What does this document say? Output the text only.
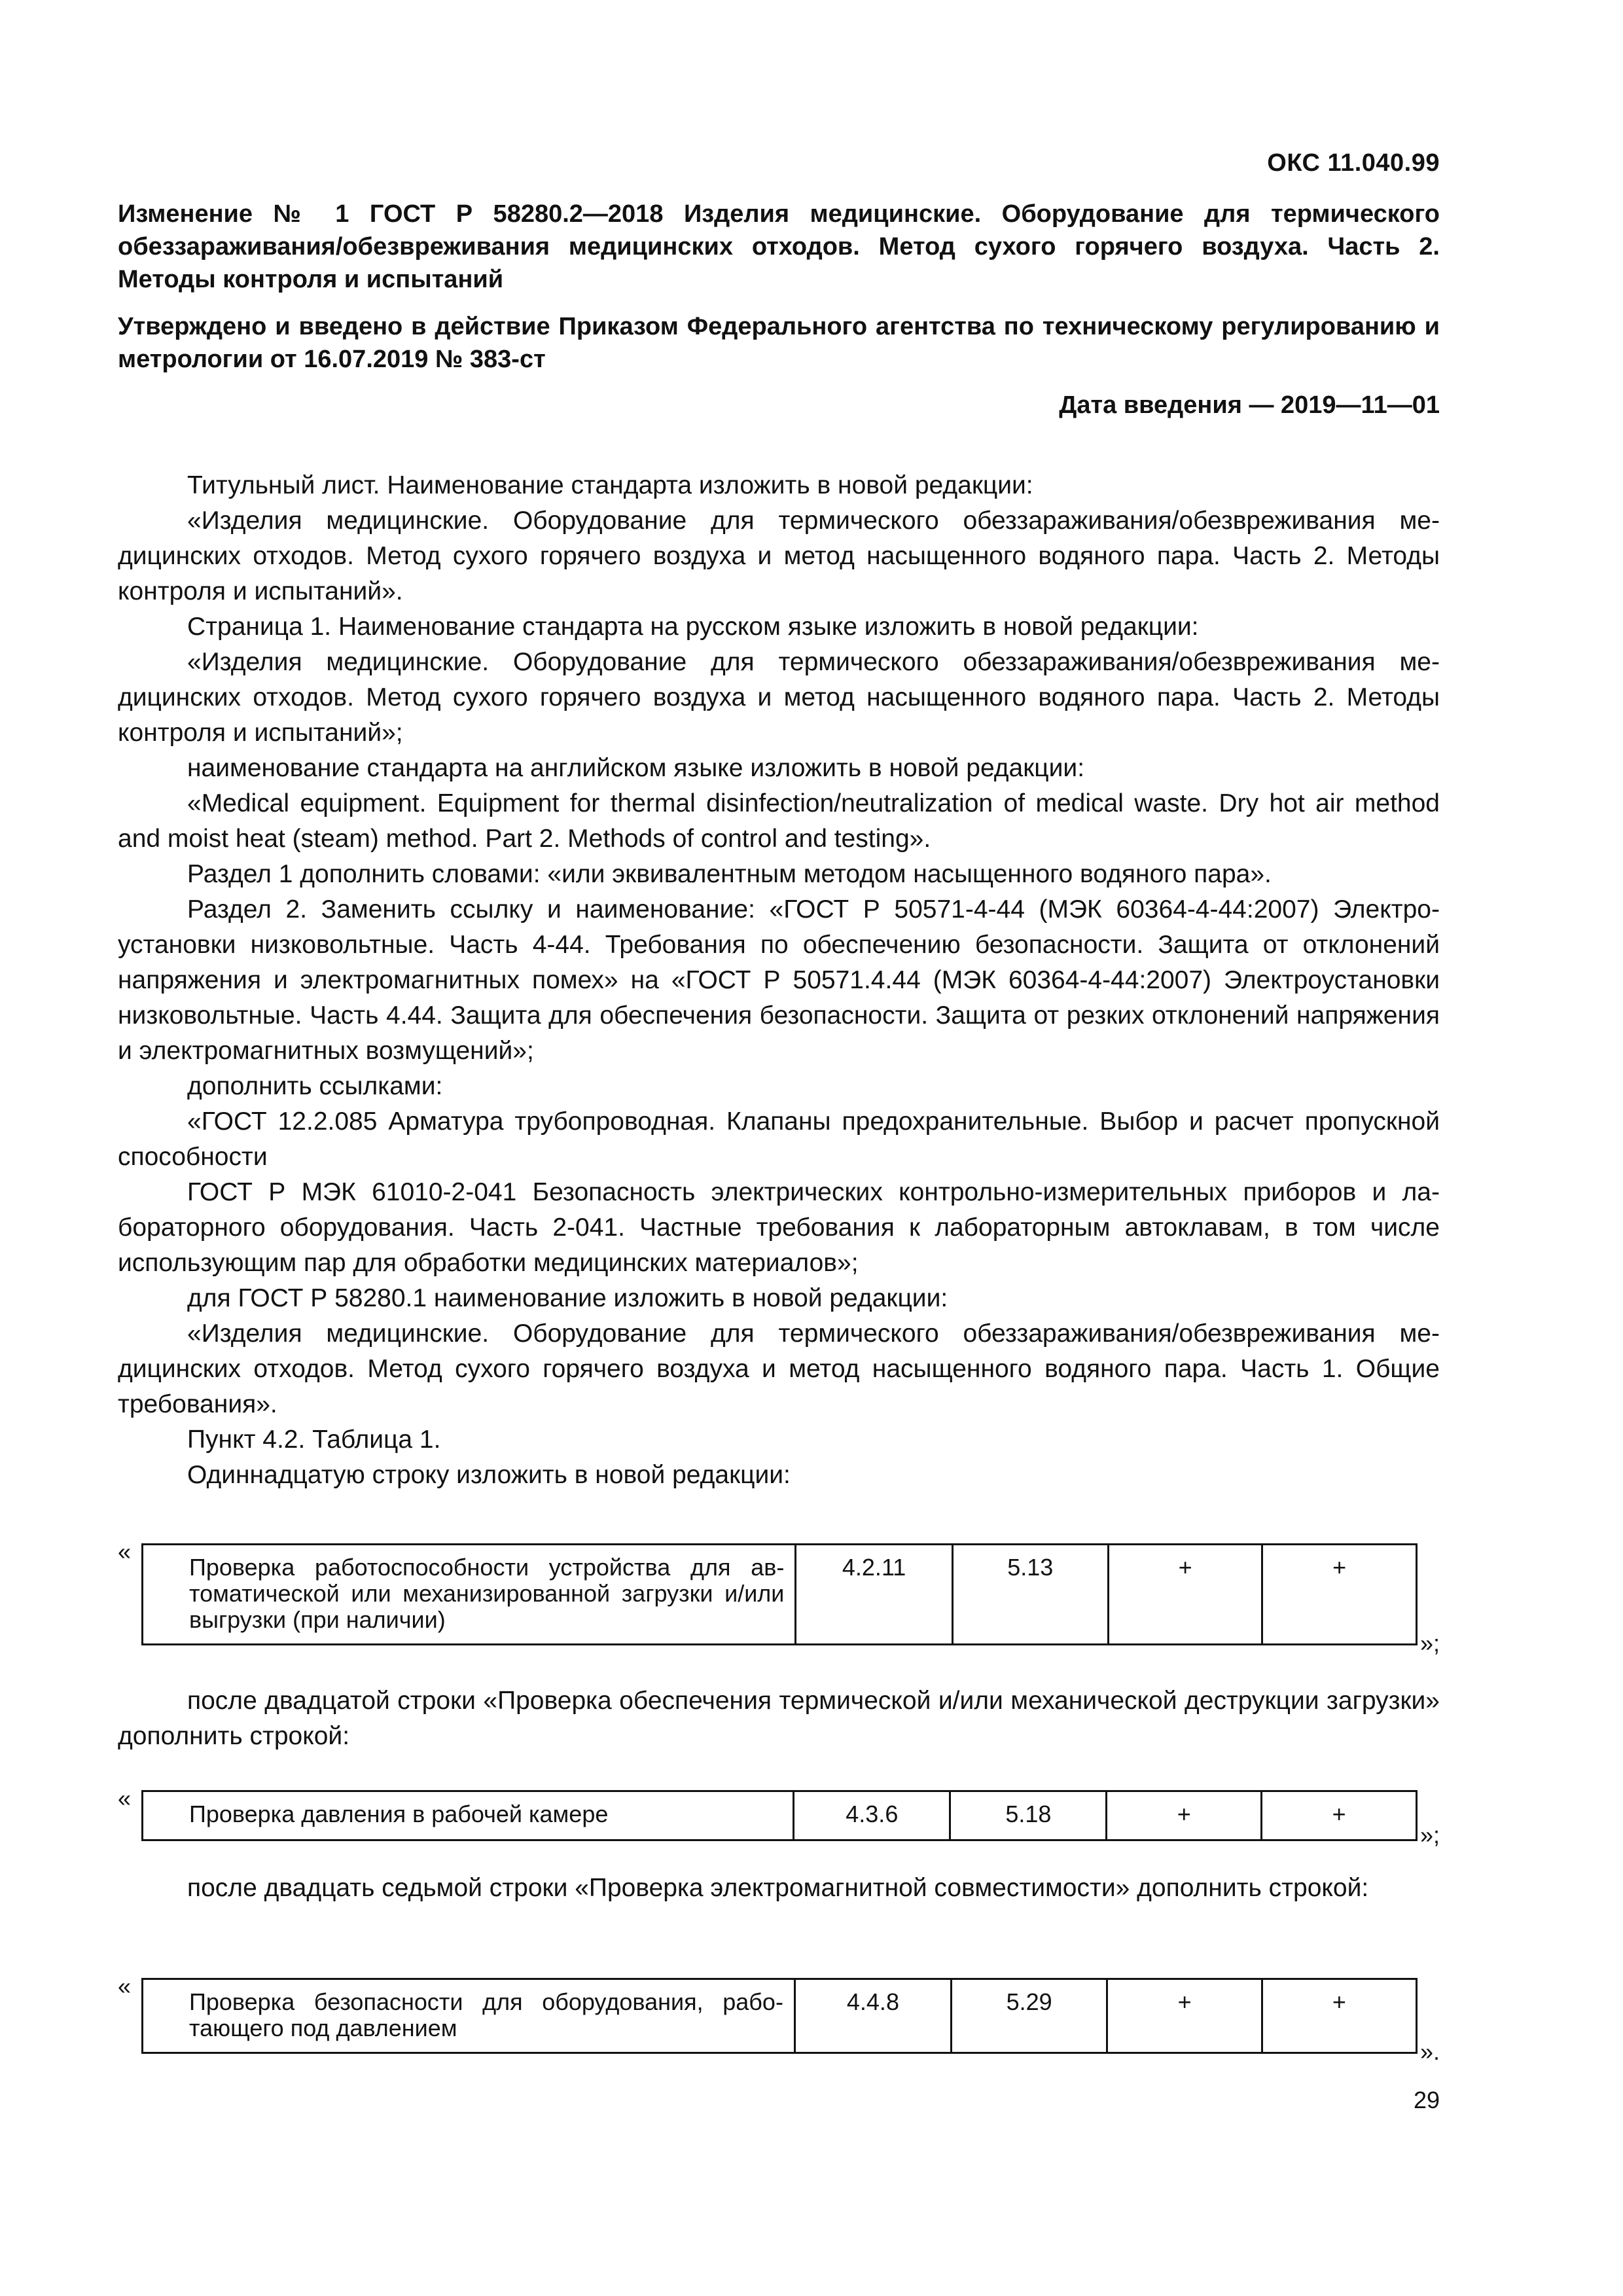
ОКС 11.040.99

Изменение № 1 ГОСТ Р 58280.2—2018 Изделия медицинские. Оборудование для термического обеззараживания/обезвреживания медицинских отходов. Метод сухого горячего воздуха. Часть 2. Методы контроля и испытаний

Утверждено и введено в действие Приказом Федерального агентства по техническому регулированию и метрологии от 16.07.2019 № 383-ст

Дата введения — 2019—11—01

Титульный лист. Наименование стандарта изложить в новой редакции:

«Изделия медицинские. Оборудование для термического обеззараживания/обезвреживания медицинских отходов. Метод сухого горячего воздуха и метод насыщенного водяного пара. Часть 2. Методы контроля и испытаний».

Страница 1. Наименование стандарта на русском языке изложить в новой редакции:

«Изделия медицинские. Оборудование для термического обеззараживания/обезвреживания медицинских отходов. Метод сухого горячего воздуха и метод насыщенного водяного пара. Часть 2. Методы контроля и испытаний»;

наименование стандарта на английском языке изложить в новой редакции:

«Medical equipment. Equipment for thermal disinfection/neutralization of medical waste. Dry hot air method and moist heat (steam) method. Part 2. Methods of control and testing».

Раздел 1 дополнить словами: «или эквивалентным методом насыщенного водяного пара».

Раздел 2. Заменить ссылку и наименование: «ГОСТ Р 50571-4-44 (МЭК 60364-4-44:2007) Электроустановки низковольтные. Часть 4-44. Требования по обеспечению безопасности. Защита от отклонений напряжения и электромагнитных помех» на «ГОСТ Р 50571.4.44 (МЭК 60364-4-44:2007) Электроустановки низковольтные. Часть 4.44. Защита для обеспечения безопасности. Защита от резких отклонений напряжения и электромагнитных возмущений»;

дополнить ссылками:

«ГОСТ 12.2.085 Арматура трубопроводная. Клапаны предохранительные. Выбор и расчет пропускной способности

ГОСТ Р МЭК 61010-2-041 Безопасность электрических контрольно-измерительных приборов и лабораторного оборудования. Часть 2-041. Частные требования к лабораторным автоклавам, в том числе использующим пар для обработки медицинских материалов»;

для ГОСТ Р 58280.1 наименование изложить в новой редакции:

«Изделия медицинские. Оборудование для термического обеззараживания/обезвреживания медицинских отходов. Метод сухого горячего воздуха и метод насыщенного водяного пара. Часть 1. Общие требования».

Пункт 4.2. Таблица 1.

Одиннадцатую строку изложить в новой редакции:

«
Проверка работоспособности устройства для автоматической или механизированной загрузки и/или выгрузки (при наличии)	4.2.11	5.13	+	+
»;

после двадцатой строки «Проверка обеспечения термической и/или механической деструкции загрузки» дополнить строкой:

«
Проверка давления в рабочей камере	4.3.6	5.18	+	+
»;

после двадцать седьмой строки «Проверка электромагнитной совместимости» дополнить строкой:

«
Проверка безопасности для оборудования, работающего под давлением	4.4.8	5.29	+	+
».
29
